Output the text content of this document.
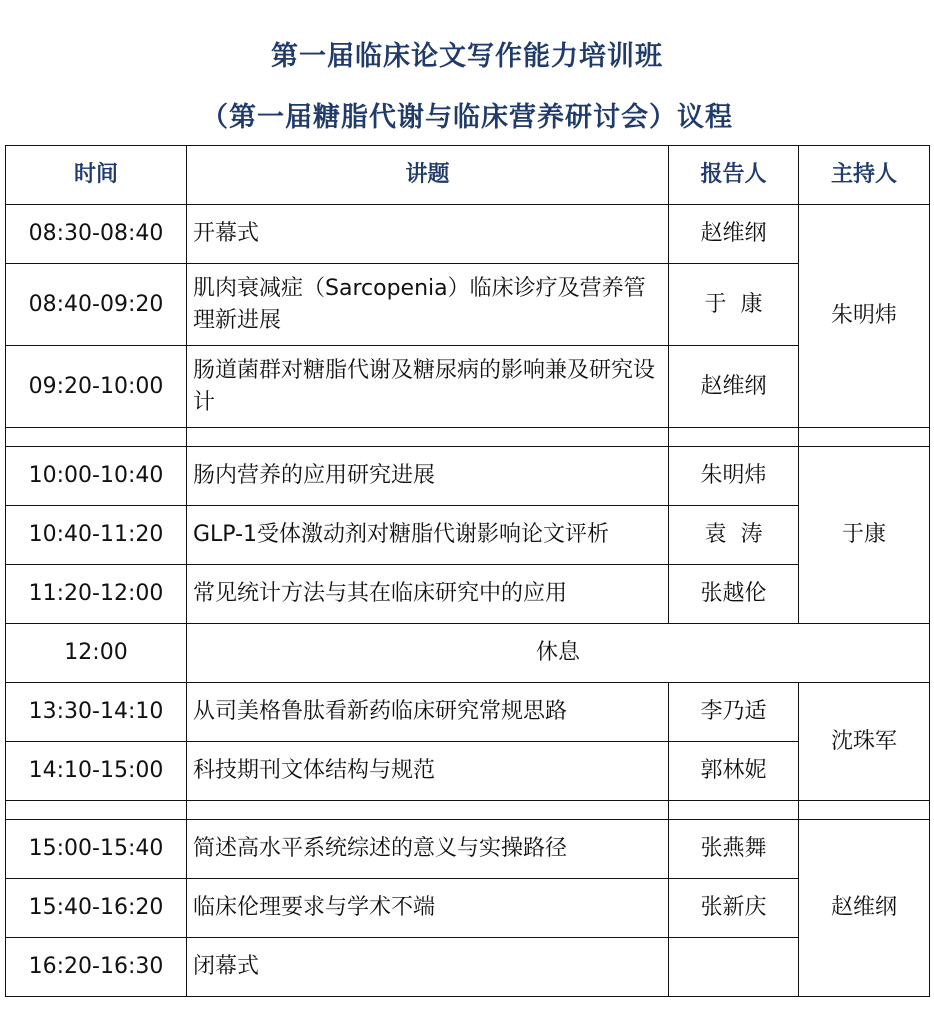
第一届临床论文写作能力培训班
（第一届糖脂代谢与临床营养研讨会）议程
时间	讲题	报告人	主持人
08:30-08:40	开幕式	赵维纲	朱明炜
08:40-09:20	肌肉衰减症（Sarcopenia）临床诊疗及营养管理新进展	于  康	
09:20-10:00	肠道菌群对糖脂代谢及糖尿病的影响兼及研究设计	赵维纲	

10:00-10:40	肠内营养的应用研究进展	朱明炜	于康
10:40-11:20	GLP-1受体激动剂对糖脂代谢影响论文评析	袁  涛	
11:20-12:00	常见统计方法与其在临床研究中的应用	张越伦	
12:00	休息		
13:30-14:10	从司美格鲁肽看新药临床研究常规思路	李乃适	沈珠军
14:10-15:00	科技期刊文体结构与规范	郭林妮	

15:00-15:40	简述高水平系统综述的意义与实操路径	张燕舞	赵维纲
15:40-16:20	临床伦理要求与学术不端	张新庆	
16:20-16:30	闭幕式		
